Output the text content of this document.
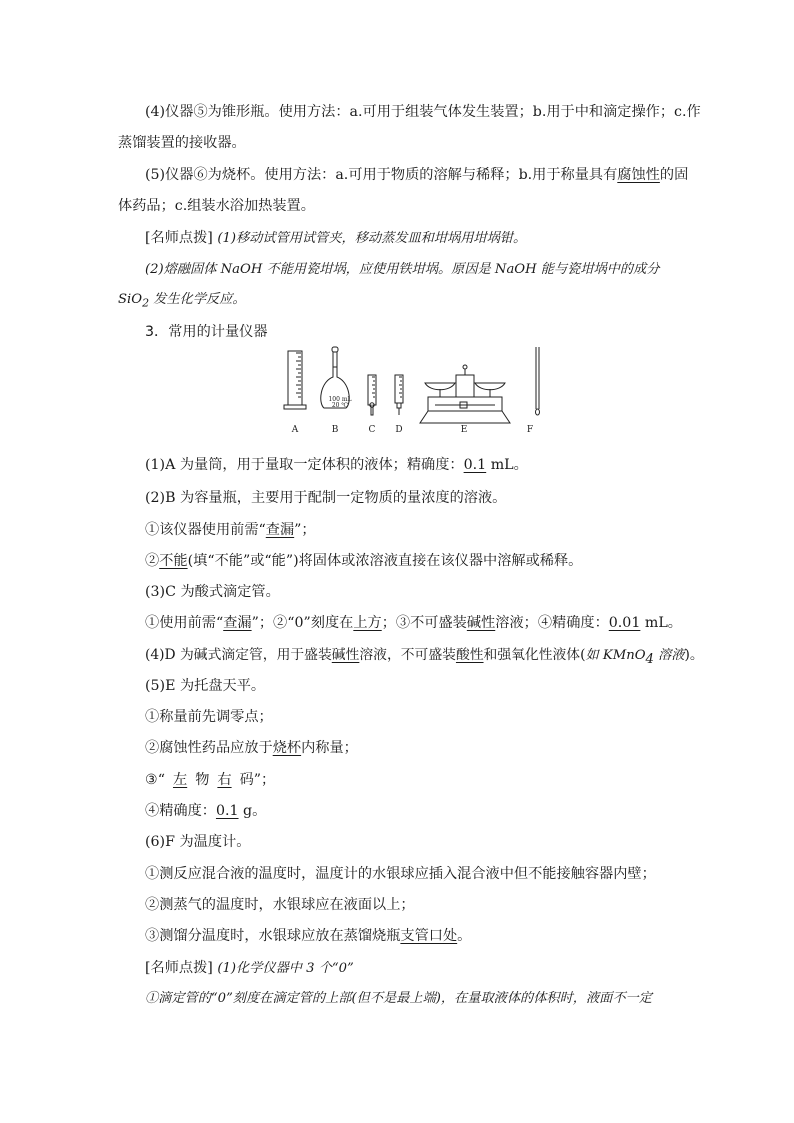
(4)仪器⑤为锥形瓶。使用方法：a.可用于组装气体发生装置；b.用于中和滴定操作；c.作
蒸馏装置的接收器。
(5)仪器⑥为烧杯。使用方法：a.可用于物质的溶解与稀释；b.用于称量具有腐蚀性的固
体药品；c.组装水浴加热装置。
[名师点拨] (1)移动试管用试管夹，移动蒸发皿和坩埚用坩埚钳。
(2)熔融固体 NaOH 不能用瓷坩埚，应使用铁坩埚。原因是 NaOH 能与瓷坩埚中的成分
SiO$_2$ 发生化学反应。
3．常用的计量仪器
100 mL
20 ℃
A	B	C D	E	F
(1)A 为量筒，用于量取一定体积的液体；精确度：0.1 mL。
(2)B 为容量瓶，主要用于配制一定物质的量浓度的溶液。
①该仪器使用前需“查漏”；
②不能(填“不能”或“能”)将固体或浓溶液直接在该仪器中溶解或稀释。
(3)C 为酸式滴定管。
①使用前需“查漏”；②“0”刻度在上方；③不可盛装碱性溶液；④精确度：0.01 mL。
(4)D 为碱式滴定管，用于盛装碱性溶液，不可盛装酸性和强氧化性液体(如 KMnO$_4$ 溶液)。
(5)E 为托盘天平。
①称量前先调零点；
②腐蚀性药品应放于烧杯内称量；
③“ 左 物 右 码”；
④精确度：0.1 g。
(6)F 为温度计。
①测反应混合液的温度时，温度计的水银球应插入混合液中但不能接触容器内壁；
②测蒸气的温度时，水银球应在液面以上；
③测馏分温度时，水银球应放在蒸馏烧瓶支管口处。
[名师点拨] (1)化学仪器中 3 个“0”
①滴定管的“0”刻度在滴定管的上部(但不是最上端)，在量取液体的体积时，液面不一定
